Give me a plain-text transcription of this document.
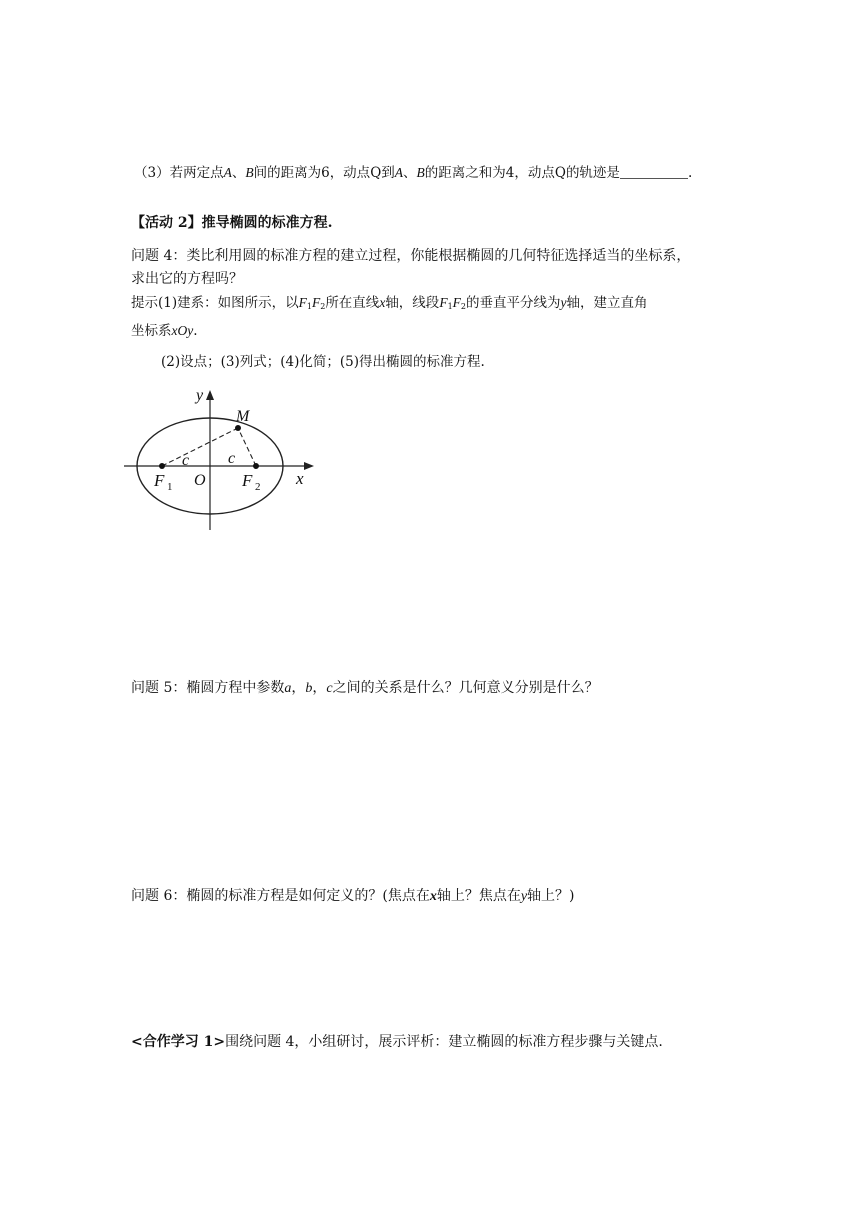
（3）若两定点A、B间的距离为6，动点Q到A、B的距离之和为4，动点Q的轨迹是	.
【活动 2】推导椭圆的标准方程.
问题 4：类比利用圆的标准方程的建立过程，你能根据椭圆的几何特征选择适当的坐标系，
求出它的方程吗？
提示(1)建系：如图所示，以$F_1F_2$所在直线x轴，线段$F_1F_2$的垂直平分线为y轴，建立直角
坐标系xOy.
(2)设点；(3)列式；(4)化简；(5)得出椭圆的标准方程.
y
x
O
M
c c
F 1	F 2
问题 5：椭圆方程中参数a，b，c之间的关系是什么？几何意义分别是什么？
问题 6：椭圆的标准方程是如何定义的？(焦点在x轴上？焦点在y轴上？)
<合作学习 1>围绕问题 4，小组研讨，展示评析：建立椭圆的标准方程步骤与关键点.
